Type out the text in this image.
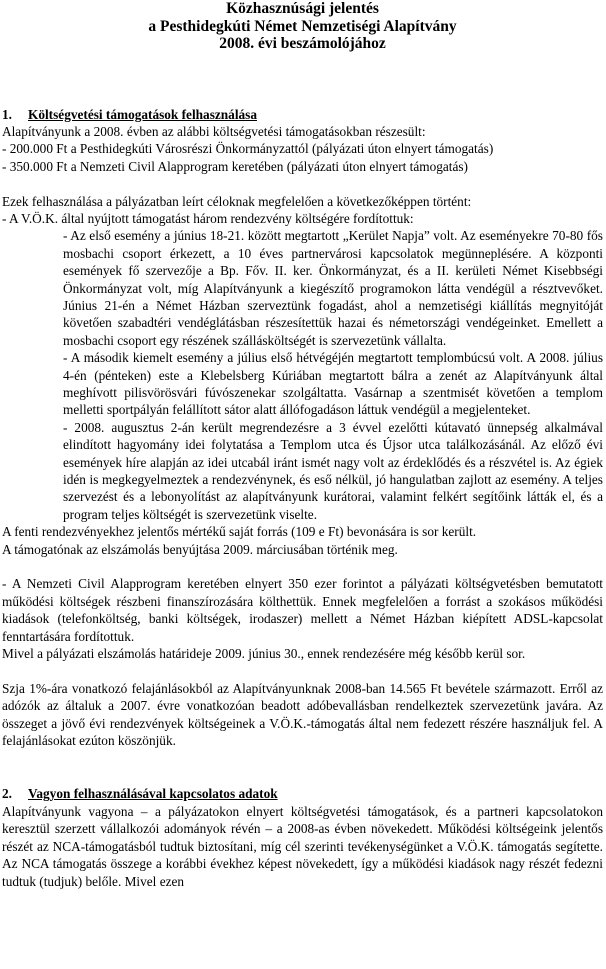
Közhasznúsági jelentés
a Pesthidegkúti Német Nemzetiségi Alapítvány
2008. évi beszámolójához
1. Költségvetési támogatások felhasználása

Alapítványunk a 2008. évben az alábbi költségvetési támogatásokban részesült:

- 200.000 Ft a Pesthidegkúti Városrészi Önkormányzattól (pályázati úton elnyert támogatás)

- 350.000 Ft a Nemzeti Civil Alapprogram keretében (pályázati úton elnyert támogatás)

Ezek felhasználása a pályázatban leírt céloknak megfelelően a következőképpen történt:

- A V.Ö.K. által nyújtott támogatást három rendezvény költségére fordítottuk:

- Az első esemény a június 18-21. között megtartott „Kerület Napja” volt. Az eseményekre 70-80 fős mosbachi csoport érkezett, a 10 éves partnervárosi kapcsolatok megünneplésére. A központi események fő szervezője a Bp. Főv. II. ker. Önkormányzat, és a II. kerületi Német Kisebbségi Önkormányzat volt, míg Alapítványunk a kiegészítő programokon látta vendégül a résztvevőket. Június 21-én a Német Házban szerveztünk fogadást, ahol a nemzetiségi kiállítás megnyitóját követően szabadtéri vendéglátásban részesítettük hazai és németországi vendégeinket. Emellett a mosbachi csoport egy részének szállásköltségét is szervezetünk vállalta.

- A második kiemelt esemény a július első hétvégéjén megtartott templombúcsú volt. A 2008. július 4-én (pénteken) este a Klebelsberg Kúriában megtartott bálra a zenét az Alapítványunk által meghívott pilisvörösvári fúvószenekar szolgáltatta. Vasárnap a szentmisét követően a templom melletti sportpályán felállított sátor alatt állófogadáson láttuk vendégül a megjelenteket.

- 2008. augusztus 2-án került megrendezésre a 3 évvel ezelőtti kútavató ünnepség alkalmával elindított hagyomány idei folytatása a Templom utca és Újsor utca találkozásánál. Az előző évi események híre alapján az idei utcabál iránt ismét nagy volt az érdeklődés és a részvétel is. Az égiek idén is megkegyelmeztek a rendezvénynek, és eső nélkül, jó hangulatban zajlott az esemény. A teljes szervezést és a lebonyolítást az alapítványunk kurátorai, valamint felkért segítőink látták el, és a program teljes költségét is szervezetünk viselte.

A fenti rendezvényekhez jelentős mértékű saját forrás (109 e Ft) bevonására is sor került.

A támogatónak az elszámolás benyújtása 2009. márciusában történik meg.

- A Nemzeti Civil Alapprogram keretében elnyert 350 ezer forintot a pályázati költségvetésben bemutatott működési költségek részbeni finanszírozására költhettük. Ennek megfelelően a forrást a szokásos működési kiadások (telefonköltség, banki költségek, irodaszer) mellett a Német Házban kiépített ADSL-kapcsolat fenntartására fordítottuk.

Mivel a pályázati elszámolás határideje 2009. június 30., ennek rendezésére még később kerül sor.

Szja 1%-ára vonatkozó felajánlásokból az Alapítványunknak 2008-ban 14.565 Ft bevétele származott. Erről az adózók az általuk a 2007. évre vonatkozóan beadott adóbevallásban rendelkeztek szervezetünk javára. Az összeget a jövő évi rendezvények költségeinek a V.Ö.K.-támogatás által nem fedezett részére használjuk fel. A felajánlásokat ezúton köszönjük.

2. Vagyon felhasználásával kapcsolatos adatok

Alapítványunk vagyona – a pályázatokon elnyert költségvetési támogatások, és a partneri kapcsolatokon keresztül szerzett vállalkozói adományok révén – a 2008-as évben növekedett. Működési költségeink jelentős részét az NCA-támogatásból tudtuk biztosítani, míg cél szerinti tevékenységünket a V.Ö.K. támogatás segítette. Az NCA támogatás összege a korábbi évekhez képest növekedett, így a működési kiadások nagy részét fedezni tudtuk (tudjuk) belőle. Mivel ezen
